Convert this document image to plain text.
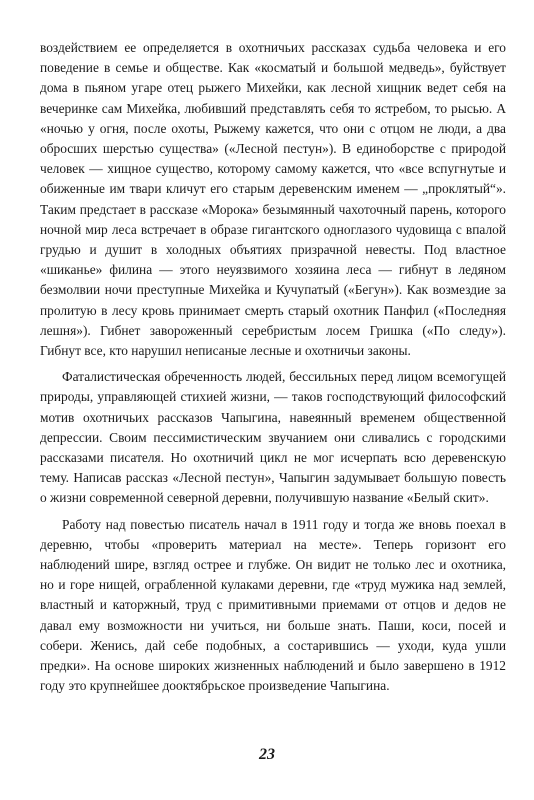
воздействием ее определяется в охотничьих рассказах судьба человека и его поведение в семье и обществе. Как «косматый и большой медведь», буйствует дома в пьяном угаре отец рыжего Михейки, как лесной хищник ведет себя на вечеринке сам Михейка, любивший представлять себя то ястребом, то рысью. А «ночью у огня, после охоты, Рыжему кажется, что они с отцом не люди, а два обросших шерстью существа» («Лесной пестун»). В единоборстве с природой человек — хищное существо, которому самому кажется, что «все вспугнутые и обиженные им твари кличут его старым деревенским именем — „проклятый“». Таким предстает в рассказе «Морока» безымянный чахоточный парень, которого ночной мир леса встречает в образе гигантского одноглазого чудовища с впалой грудью и душит в холодных объятиях призрачной невесты. Под властное «шиканье» филина — этого неуязвимого хозяина леса — гибнут в ледяном безмолвии ночи преступные Михейка и Кучупатый («Бегун»). Как возмездие за пролитую в лесу кровь принимает смерть старый охотник Панфил («Последняя лешня»). Гибнет завороженный серебристым лосем Гришка («По следу»). Гибнут все, кто нарушил неписаные лесные и охотничьи законы.

Фаталистическая обреченность людей, бессильных перед лицом всемогущей природы, управляющей стихией жизни, — таков господствующий философский мотив охотничьих рассказов Чапыгина, навеянный временем общественной депрессии. Своим пессимистическим звучанием они сливались с городскими рассказами писателя. Но охотничий цикл не мог исчерпать всю деревенскую тему. Написав рассказ «Лесной пестун», Чапыгин задумывает большую повесть о жизни современной северной деревни, получившую название «Белый скит».

Работу над повестью писатель начал в 1911 году и тогда же вновь поехал в деревню, чтобы «проверить материал на месте». Теперь горизонт его наблюдений шире, взгляд острее и глубже. Он видит не только лес и охотника, но и горе нищей, ограбленной кулаками деревни, где «труд мужика над землей, властный и каторжный, труд с примитивными приемами от отцов и дедов не давал ему возможности ни учиться, ни больше знать. Паши, коси, посей и собери. Женись, дай себе подобных, а состарившись — уходи, куда ушли предки». На основе широких жизненных наблюдений и было завершено в 1912 году это крупнейшее дооктябрьское произведение Чапыгина.

23
